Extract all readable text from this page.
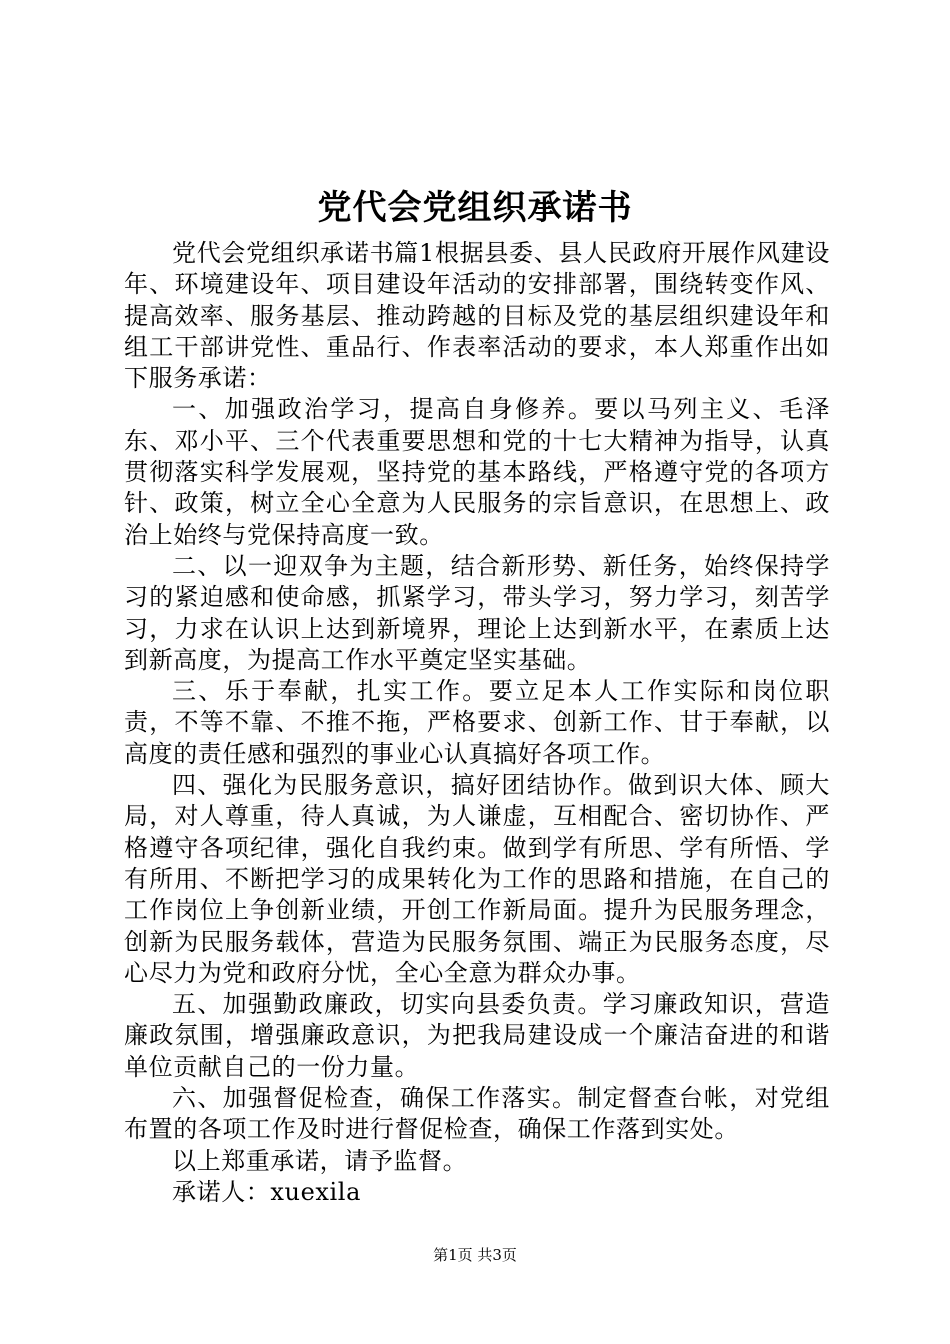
党代会党组织承诺书

党代会党组织承诺书篇1根据县委、县人民政府开展作风建设年、环境建设年、项目建设年活动的安排部署，围绕转变作风、提高效率、服务基层、推动跨越的目标及党的基层组织建设年和组工干部讲党性、重品行、作表率活动的要求，本人郑重作出如下服务承诺：

一、加强政治学习，提高自身修养。要以马列主义、毛泽东、邓小平、三个代表重要思想和党的十七大精神为指导，认真贯彻落实科学发展观，坚持党的基本路线，严格遵守党的各项方针、政策，树立全心全意为人民服务的宗旨意识，在思想上、政治上始终与党保持高度一致。

二、以一迎双争为主题，结合新形势、新任务，始终保持学习的紧迫感和使命感，抓紧学习，带头学习，努力学习，刻苦学习，力求在认识上达到新境界，理论上达到新水平，在素质上达到新高度，为提高工作水平奠定坚实基础。

三、乐于奉献，扎实工作。要立足本人工作实际和岗位职责，不等不靠、不推不拖，严格要求、创新工作、甘于奉献，以高度的责任感和强烈的事业心认真搞好各项工作。

四、强化为民服务意识，搞好团结协作。做到识大体、顾大局，对人尊重，待人真诚，为人谦虚，互相配合、密切协作、严格遵守各项纪律，强化自我约束。做到学有所思、学有所悟、学有所用、不断把学习的成果转化为工作的思路和措施，在自己的工作岗位上争创新业绩，开创工作新局面。提升为民服务理念，创新为民服务载体，营造为民服务氛围、端正为民服务态度，尽心尽力为党和政府分忧，全心全意为群众办事。

五、加强勤政廉政，切实向县委负责。学习廉政知识，营造廉政氛围，增强廉政意识，为把我局建设成一个廉洁奋进的和谐单位贡献自己的一份力量。

六、加强督促检查，确保工作落实。制定督查台帐，对党组布置的各项工作及时进行督促检查，确保工作落到实处。

以上郑重承诺，请予监督。

承诺人：xuexila

第1页 共3页
